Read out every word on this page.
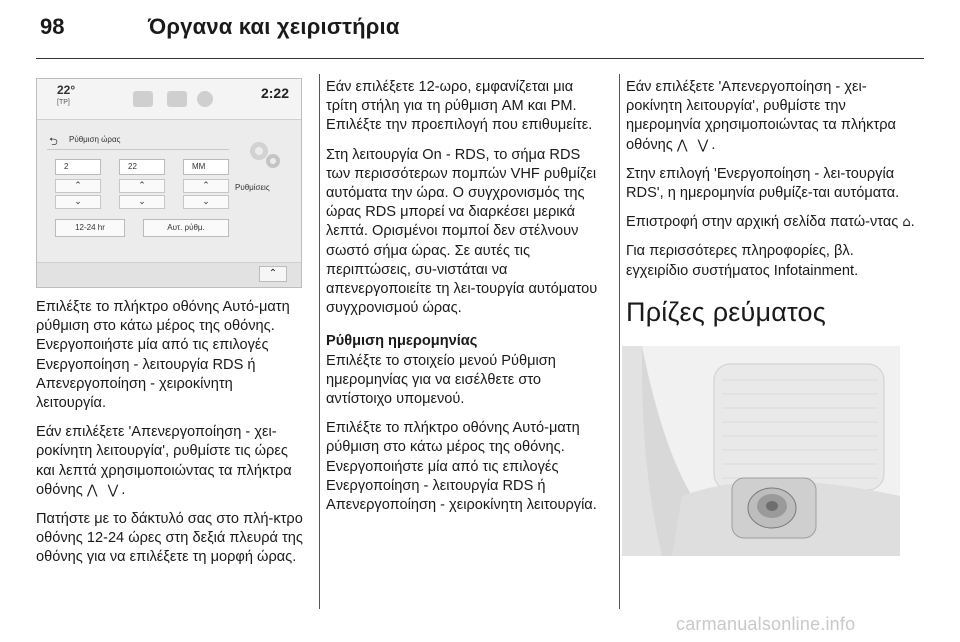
98	Όργανα και χειριστήρια
22°
[TP]
2:22
⮌ Ρύθμιση ώρας
2	22	MM
⌃	⌃	⌃
⌄	⌄	⌄
12-24 hr	Αυτ. ρύθμ.
Ρυθμίσεις
⌃

Επιλέξτε το πλήκτρο οθόνης Αυτό-ματη ρύθμιση στο κάτω μέρος της οθόνης. Ενεργοποιήστε μία από τις επιλογές Ενεργοποίηση - λειτουργία RDS ή Απενεργοποίηση - χειροκίνητη λειτουργία.

Εάν επιλέξετε 'Απενεργοποίηση - χει-ροκίνητη λειτουργία', ρυθμίστε τις ώρες και λεπτά χρησιμοποιώντας τα πλήκτρα οθόνης ⋀ ⋁.

Πατήστε με το δάκτυλό σας στο πλή-κτρο οθόνης 12-24 ώρες στη δεξιά πλευρά της οθόνης για να επιλέξετε τη μορφή ώρας.

Εάν επιλέξετε 12-ωρο, εμφανίζεται μια τρίτη στήλη για τη ρύθμιση AM και PM. Επιλέξτε την προεπιλογή που επιθυμείτε.

Στη λειτουργία On - RDS, το σήμα RDS των περισσότερων πομπών VHF ρυθμίζει αυτόματα την ώρα. Ο συγχρονισμός της ώρας RDS μπορεί να διαρκέσει μερικά λεπτά. Ορισμένοι πομποί δεν στέλνουν σωστό σήμα ώρας. Σε αυτές τις περιπτώσεις, συ-νιστάται να απενεργοποιείτε τη λει-τουργία αυτόματου συγχρονισμού ώρας.

Ρύθμιση ημερομηνίας

Επιλέξτε το στοιχείο μενού Ρύθμιση ημερομηνίας για να εισέλθετε στο αντίστοιχο υπομενού.

Επιλέξτε το πλήκτρο οθόνης Αυτό-ματη ρύθμιση στο κάτω μέρος της οθόνης. Ενεργοποιήστε μία από τις επιλογές Ενεργοποίηση - λειτουργία RDS ή Απενεργοποίηση - χειροκίνητη λειτουργία.

Εάν επιλέξετε 'Απενεργοποίηση - χει-ροκίνητη λειτουργία', ρυθμίστε την ημερομηνία χρησιμοποιώντας τα πλήκτρα οθόνης ⋀ ⋁.

Στην επιλογή 'Ενεργοποίηση - λει-τουργία RDS', η ημερομηνία ρυθμίζε-ται αυτόματα.

Επιστροφή στην αρχική σελίδα πατώ-ντας ⌂.

Για περισσότερες πληροφορίες, βλ. εγχειρίδιο συστήματος Infotainment.

Πρίζες ρεύματος
carmanualsonline.info
